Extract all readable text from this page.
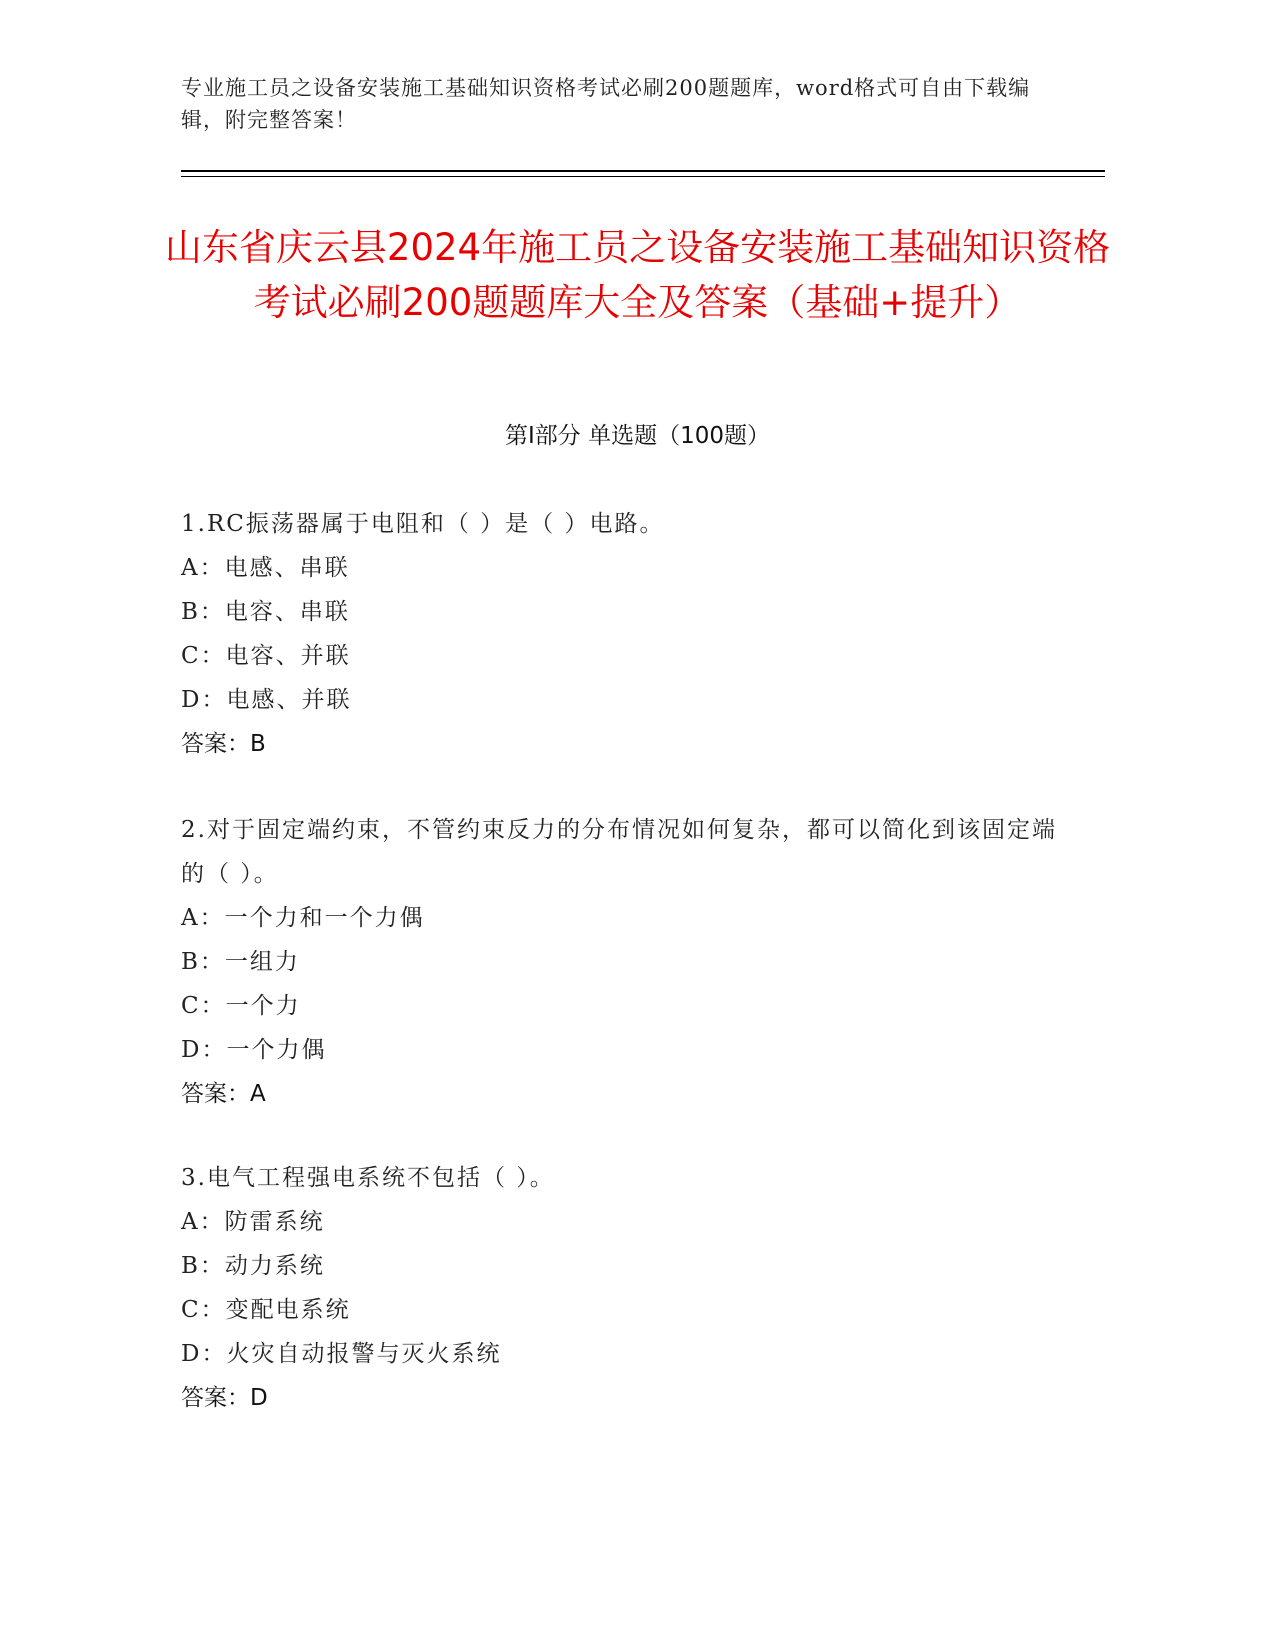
专业施工员之设备安装施工基础知识资格考试必刷200题题库，word格式可自由下载编辑，附完整答案！
山东省庆云县2024年施工员之设备安装施工基础知识资格考试必刷200题题库大全及答案（基础+提升）
第Ⅰ部分 单选题（100题）

1.RC振荡器属于电阻和（ ）是（ ）电路。

A：电感、串联

B：电容、串联

C：电容、并联

D：电感、并联

答案：B

2.对于固定端约束，不管约束反力的分布情况如何复杂，都可以简化到该固定端的（ ）。

A：一个力和一个力偶

B：一组力

C：一个力

D：一个力偶

答案：A

3.电气工程强电系统不包括（ ）。

A：防雷系统

B：动力系统

C：变配电系统

D：火灾自动报警与灭火系统

答案：D
